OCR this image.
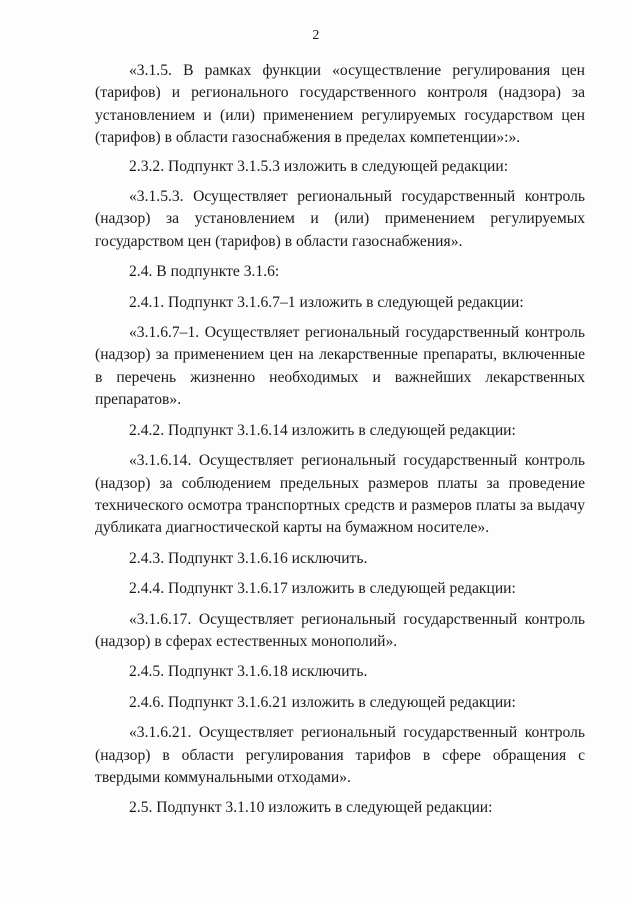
2

«3.1.5. В рамках функции «осуществление регулирования цен (тарифов) и регионального государственного контроля (надзора) за установлением и (или) применением регулируемых государством цен (тарифов) в области газоснабжения в пределах компетенции»:».

2.3.2. Подпункт 3.1.5.3 изложить в следующей редакции:

«3.1.5.3. Осуществляет региональный государственный контроль (надзор) за установлением и (или) применением регулируемых государством цен (тарифов) в области газоснабжения».

2.4. В подпункте 3.1.6:

2.4.1. Подпункт 3.1.6.7–1 изложить в следующей редакции:

«3.1.6.7–1. Осуществляет региональный государственный контроль (надзор) за применением цен на лекарственные препараты, включенные в перечень жизненно необходимых и важнейших лекарственных препаратов».

2.4.2. Подпункт 3.1.6.14 изложить в следующей редакции:

«3.1.6.14. Осуществляет региональный государственный контроль (надзор) за соблюдением предельных размеров платы за проведение технического осмотра транспортных средств и размеров платы за выдачу дубликата диагностической карты на бумажном носителе».

2.4.3. Подпункт 3.1.6.16 исключить.

2.4.4. Подпункт 3.1.6.17 изложить в следующей редакции:

«3.1.6.17. Осуществляет региональный государственный контроль (надзор) в сферах естественных монополий».

2.4.5. Подпункт 3.1.6.18 исключить.

2.4.6. Подпункт 3.1.6.21 изложить в следующей редакции:

«3.1.6.21. Осуществляет региональный государственный контроль (надзор) в области регулирования тарифов в сфере обращения с твердыми коммунальными отходами».

2.5. Подпункт 3.1.10 изложить в следующей редакции:
